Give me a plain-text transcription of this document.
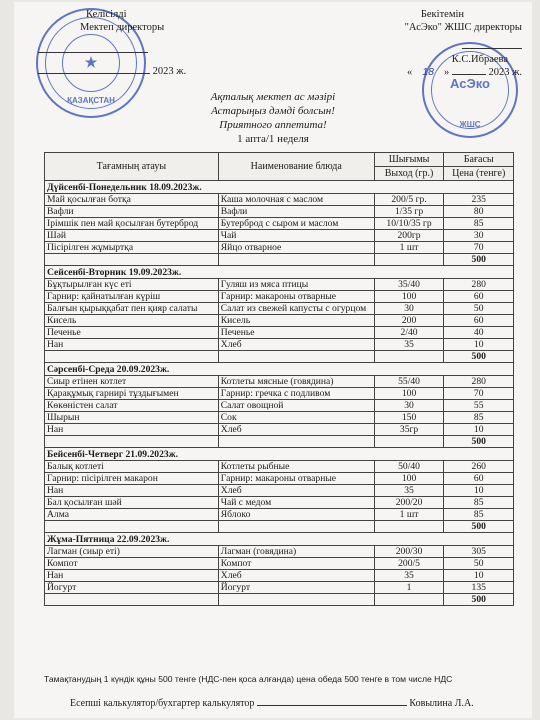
★
ҚАЗАҚСТАН
АсЭко
ЖШС
Келісілді
Мектеп директоры
2023 ж.
Бекітемін
"АсЭко" ЖШС директоры
К.С.Ибраева
« 18 »	2023 ж.
Ақталық мектеп ас мәзірі
Астарыңыз дәмді болсын!
Приятного аппетита!
1 апта/1 неделя
Тағамның атауы	Наименование блюда	Шығымы	Бағасы
		Выход (гр.)	Цена (тенге)
Дүйсенбі-Понедельник 18.09.2023ж.			
Май қосылған ботқа	Каша молочная с маслом	200/5 гр.	235
Вафли	Вафли	1/35 гр	80
Ірімшік пен май қосылған бутерброд	Бутерброд с сыром и маслом	10/10/35 гр	85
Шәй	Чай	200гр	30
Пісірілген жұмыртқа	Яйцо отварное	1 шт	70
			500
Сейсенбі-Вторник 19.09.2023ж.			
Бұқтырылған күс еті	Гуляш из мяса птицы	35/40	280
Гарнир: қайнатылған күріш	Гарнир: макароны отварные	100	60
Балғын қырыққабат пен қияр салаты	Салат из свежей капусты с огурцом	30	50
Кисель	Кисель	200	60
Печенье	Печенье	2/40	40
Нан	Хлеб	35	10
			500
Сәрсенбі-Среда 20.09.2023ж.			
Сиыр етінен котлет	Котлеты мясные (говядина)	55/40	280
Қарақұмық гарнирі тұздығымен	Гарнир: гречка с подливом	100	70
Көкөністен салат	Салат овощной	30	55
Шырын	Сок	150	85
Нан	Хлеб	35гр	10
			500
Бейсенбі-Четверг 21.09.2023ж.			
Балық котлеті	Котлеты рыбные	50/40	260
Гарнир: пісірілген макарон	Гарнир: макароны отварные	100	60
Нан	Хлеб	35	10
Бал қосылған шәй	Чай с медом	200/20	85
Алма	Яблоко	1 шт	85
			500
Жұма-Пятница 22.09.2023ж.			
Лагман (сиыр еті)	Лагман (говядина)	200/30	305
Компот	Компот	200/5	50
Нан	Хлеб	35	10
Йогурт	Йогурт	1	135
			500
Тамақтанудың 1 күндік құны 500 тенге (НДС-пен қоса алғанда) цена обеда 500 тенге в том числе НДС
Есепші калькулятор/бухгартер калькулятор	Ковылина Л.А.
